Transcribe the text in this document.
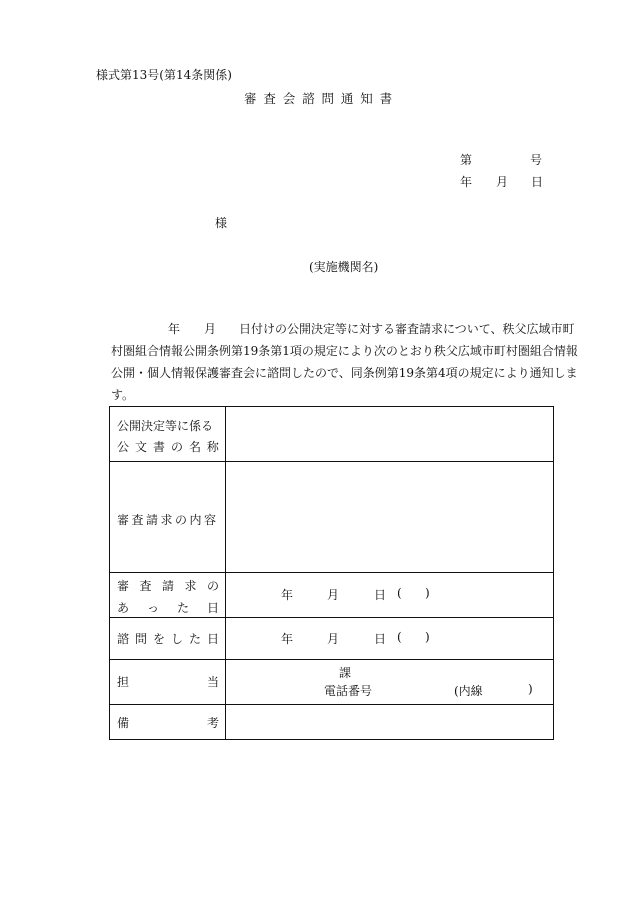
様式第13号(第14条関係)
審査会諮問通知書
第	号
年 月 日
様
(実施機関名)
年 月 日付けの公開決定等に対する審査請求について、秩父広域市町
村圏組合情報公開条例第19条第1項の規定により次のとおり秩父広域市町村圏組合情報
公開・個人情報保護審査会に諮問したので、同条例第19条第4項の規定により通知しま
す。
公開決定等に係る
公 文 書 の 名 称
審査請求の内容
審 査 請 求 の
あ っ た 日
年	月	日 ( )
諮問をした日	年	月	日 ( )
担	当
課
電話番号	(内線	)
備	考
